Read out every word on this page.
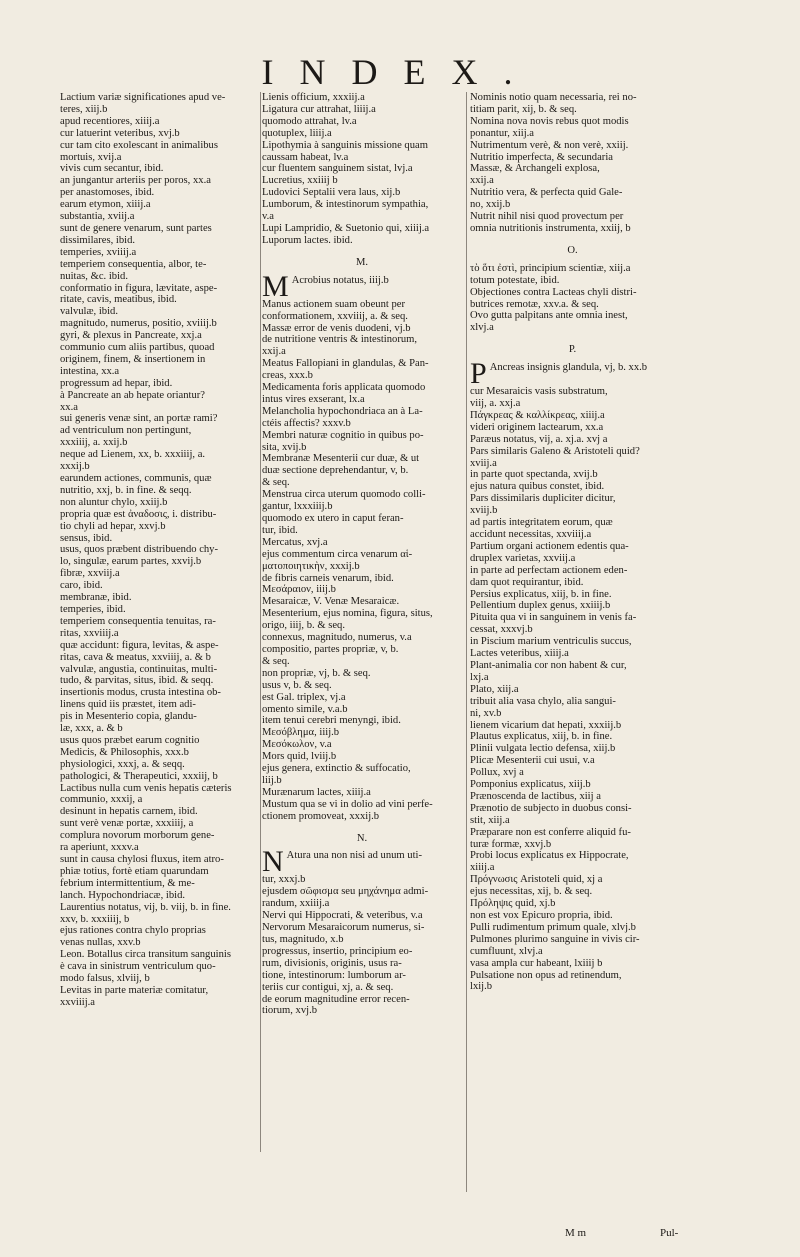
INDEX.
Lactium variæ significationes apud ve-
teres, xiij.b
apud recentiores, xiiij.a
cur latuerint veteribus, xvj.b
cur tam cito exolescant in animalibus
mortuis, xvij.a
vivis cum secantur, ibid.
an jungantur arteriis per poros, xx.a
per anastomoses, ibid.
earum etymon, xiiij.a
substantia, xviij.a
sunt de genere venarum, sunt partes
dissimilares, ibid.
temperies, xviiij.a
temperiem consequentia, albor, te-
nuitas, &c. ibid.
conformatio in figura, lævitate, aspe-
ritate, cavis, meatibus, ibid.
valvulæ, ibid.
magnitudo, numerus, positio, xviiij.b
gyri, & plexus in Pancreate, xxj.a
communio cum aliis partibus, quoad
originem, finem, & insertionem in
intestina, xx.a
progressum ad hepar, ibid.
à Pancreate an ab hepate oriantur?
xx.a
sui generis venæ sint, an portæ rami?
ad ventriculum non pertingunt,
xxxiiij, a. xxij.b
neque ad Lienem, xx, b. xxxiiij, a.
xxxij.b
earundem actiones, communis, quæ
nutritio, xxj, b. in fine. & seqq.
non aluntur chylo, xxiij.b
propria quæ est ἀναδοσις, i. distribu-
tio chyli ad hepar, xxvj.b
sensus, ibid.
usus, quos præbent distribuendo chy-
lo, singulæ, earum partes, xxvij.b
fibræ, xxviij.a
caro, ibid.
membranæ, ibid.
temperies, ibid.
temperiem consequentia tenuitas, ra-
ritas, xxviiij.a
quæ accidunt: figura, levitas, & aspe-
ritas, cava & meatus, xxviiij, a. & b
valvulæ, angustia, continuitas, multi-
tudo, & parvitas, situs, ibid. & seqq.
insertionis modus, crusta intestina ob-
linens quid iis præstet, item adi-
pis in Mesenterio copia, glandu-
læ, xxx, a. & b
usus quos præbet earum cognitio
Medicis, & Philosophis, xxx.b
physiologici, xxxj, a. & seqq.
pathologici, & Therapeutici, xxxiij, b
Lactibus nulla cum venis hepatis cæteris
communio, xxxij, a
desinunt in hepatis carnem, ibid.
sunt verè venæ portæ, xxxiiij, a
complura novorum morborum gene-
ra aperiunt, xxxv.a
sunt in causa chylosi fluxus, item atro-
phiæ totius, fortè etiam quarundam
febrium intermittentium, & me-
lanch. Hypochondriacæ, ibid.
Laurentius notatus, vij, b. viij, b. in fine.
xxv, b. xxxiiij, b
ejus rationes contra chylo proprias
venas nullas, xxv.b
Leon. Botallus circa transitum sanguinis
è cava in sinistrum ventriculum quo-
modo falsus, xlviij, b
Levitas in parte materiæ comitatur,
xxviiij.a
Lienis officium, xxxiij.a
Ligatura cur attrahat, liiij.a
quomodo attrahat, lv.a
quotuplex, liiij.a
Lipothymia à sanguinis missione quam
caussam habeat, lv.a
cur fluentem sanguinem sistat, lvj.a
Lucretius, xxiiij b
Ludovici Septalii vera laus, xij.b
Lumborum, & intestinorum sympathia,
v.a
Lupi Lampridio, & Suetonio qui, xiiij.a
Luporum lactes. ibid.
M.
M Acrobius notatus, iiij.b
Manus actionem suam obeunt per
conformationem, xxviiij, a. & seq.
Massæ error de venis duodeni, vj.b
de nutritione ventris & intestinorum,
xxij.a
Meatus Fallopiani in glandulas, & Pan-
creas, xxx.b
Medicamenta foris applicata quomodo
intus vires exserant, lx.a
Melancholia hypochondriaca an à La-
ctéis affectis? xxxv.b
Membri naturæ cognitio in quibus po-
sita, xvij.b
Membranæ Mesenterii cur duæ, & ut
duæ sectione deprehendantur, v, b.
& seq.
Menstrua circa uterum quomodo colli-
gantur, lxxxiiij.b
quomodo ex utero in caput feran-
tur, ibid.
Mercatus, xvj.a
ejus commentum circa venarum αἱ-
ματοποιητικὴν, xxxij.b
de fibris carneis venarum, ibid.
Μεσάραιον, iiij.b
Mesaraicæ, V. Venæ Mesaraicæ.
Mesenterium, ejus nomina, figura, situs,
origo, iiij, b. & seq.
connexus, magnitudo, numerus, v.a
compositio, partes propriæ, v, b.
& seq.
non propriæ, vj, b. & seq.
usus v, b. & seq.
est Gal. triplex, vj.a
omento simile, v.a.b
item tenui cerebri menyngi, ibid.
Μεσόβλημα, iiij.b
Μεσόκωλον, v.a
Mors quid, lviij.b
ejus genera, extinctio & suffocatio,
liij.b
Murænarum lactes, xiiij.a
Mustum qua se vi in dolio ad vini perfe-
ctionem promoveat, xxxij.b
N.
N Atura una non nisi ad unum uti-
tur, xxxj.b
ejusdem σῶφισμα seu μηχάνημα admi-
randum, xxiiij.a
Nervi qui Hippocrati, & veteribus, v.a
Nervorum Mesaraicorum numerus, si-
tus, magnitudo, x.b
progressus, insertio, principium eo-
rum, divisionis, originis, usus ra-
tione, intestinorum: lumborum ar-
teriis cur contigui, xj, a. & seq.
de eorum magnitudine error recen-
tiorum, xvj.b
Nominis notio quam necessaria, rei no-
titiam parit, xij, b. & seq.
Nomina nova novis rebus quot modis
ponantur, xiij.a
Nutrimentum verè, & non verè, xxiij.
Nutritio imperfecta, & secundaria
Massæ, & Archangeli explosa,
xxij.a
Nutritio vera, & perfecta quid Gale-
no, xxij.b
Nutrit nihil nisi quod provectum per
omnia nutritionis instrumenta, xxiij, b
O.
τὸ ὅτι ἐστὶ, principium scientiæ, xiij.a
totum potestate, ibid.
Objectiones contra Lacteas chyli distri-
butrices remotæ, xxv.a. & seq.
Ovo gutta palpitans ante omnia inest,
xlvj.a
P.
P Ancreas insignis glandula, vj, b. xx.b
cur Mesaraicis vasis substratum,
viij, a. xxj.a
Πάγκρεας & καλλίκρεας, xiiij.a
videri originem lactearum, xx.a
Paræus notatus, vij, a. xj.a. xvj a
Pars similaris Galeno & Aristoteli quid?
xviij.a
in parte quot spectanda, xvij.b
ejus natura quibus constet, ibid.
Pars dissimilaris dupliciter dicitur,
xviij.b
ad partis integritatem eorum, quæ
accidunt necessitas, xxviiij.a
Partium organi actionem edentis qua-
druplex varietas, xxviij.a
in parte ad perfectam actionem eden-
dam quot requirantur, ibid.
Persius explicatus, xiij, b. in fine.
Pellentium duplex genus, xxiiij.b
Pituita qua vi in sanguinem in venis fa-
cessat, xxxvj.b
in Piscium marium ventriculis succus,
Lactes veteribus, xiiij.a
Plant-animalia cor non habent & cur,
lxj.a
Plato, xiij.a
tribuit alia vasa chylo, alia sangui-
ni, xv.b
lienem vicarium dat hepati, xxxiij.b
Plautus explicatus, xiij, b. in fine.
Plinii vulgata lectio defensa, xiij.b
Plicæ Mesenterii cui usui, v.a
Pollux, xvj a
Pomponius explicatus, xiij.b
Prænoscenda de lactibus, xiij a
Prænotio de subjecto in duobus consi-
stit, xiij.a
Præparare non est conferre aliquid fu-
turæ formæ, xxvj.b
Probi locus explicatus ex Hippocrate,
xiiij.a
Πρόγνωσις Aristoteli quid, xj a
ejus necessitas, xij, b. & seq.
Πρόληψις quid, xj.b
non est vox Epicuro propria, ibid.
Pulli rudimentum primum quale, xlvj.b
Pulmones plurimo sanguine in vivis cir-
cumfluunt, xlvj.a
vasa ampla cur habeant, lxiiij b
Pulsatione non opus ad retinendum,
lxij.b
M m	Pul-
